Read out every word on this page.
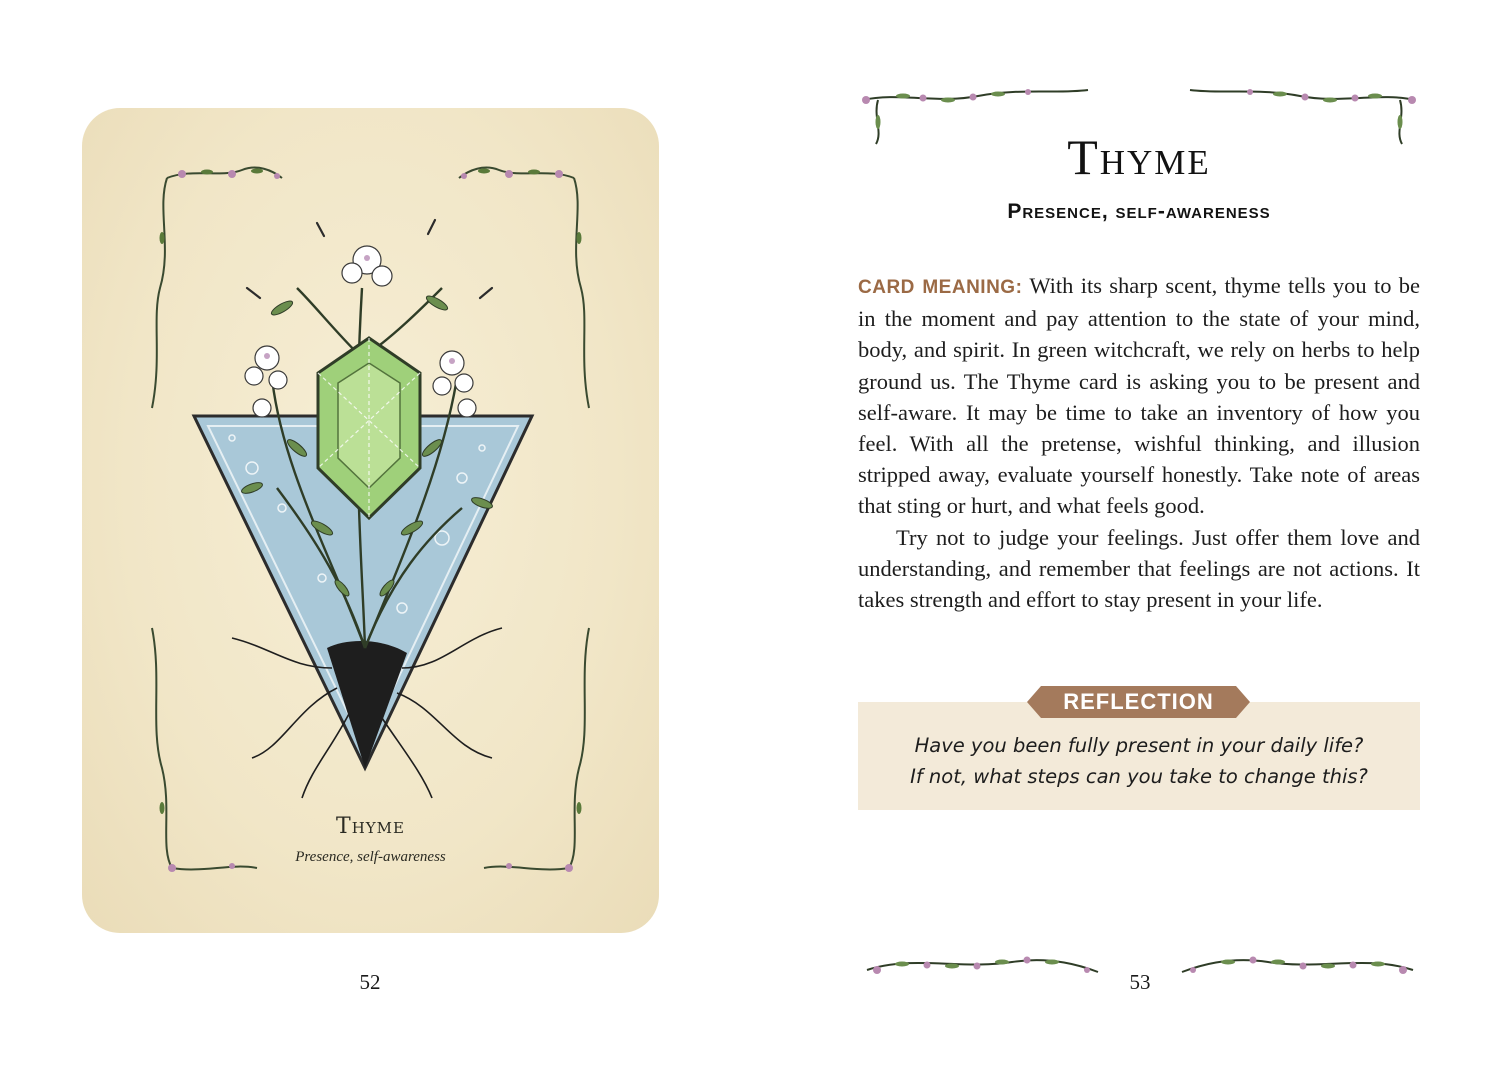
Thyme
Presence, self-awareness
52
Thyme
Presence, self-awareness

CARD MEANING: With its sharp scent, thyme tells you to be in the moment and pay attention to the state of your mind, body, and spirit. In green witchcraft, we rely on herbs to help ground us. The Thyme card is asking you to be present and self-aware. It may be time to take an inventory of how you feel. With all the pretense, wishful thinking, and illusion stripped away, evaluate yourself honestly. Take note of areas that sting or hurt, and what feels good.

Try not to judge your feelings. Just offer them love and understanding, and remember that feelings are not actions. It takes strength and effort to stay present in your life.

REFLECTION
Have you been fully present in your daily life?
If not, what steps can you take to change this?
53
